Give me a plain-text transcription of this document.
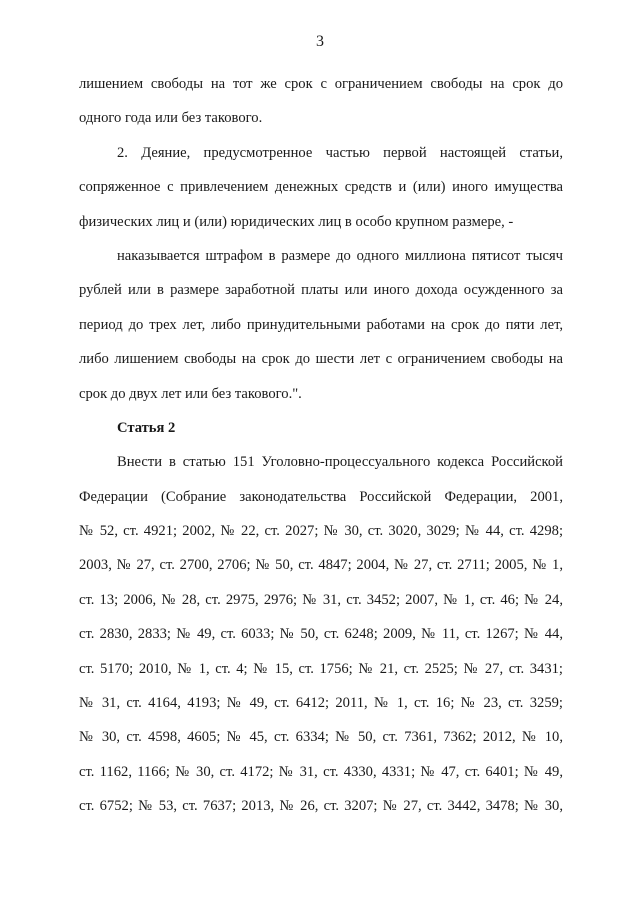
3
лишением свободы на тот же срок с ограничением свободы на срок до
одного года или без такового.
2. Деяние, предусмотренное частью первой настоящей статьи,
сопряженное с привлечением денежных средств и (или) иного имущества
физических лиц и (или) юридических лиц в особо крупном размере, -
наказывается штрафом в размере до одного миллиона пятисот тысяч
рублей или в размере заработной платы или иного дохода осужденного за
период до трех лет, либо принудительными работами на срок до пяти лет,
либо лишением свободы на срок до шести лет с ограничением свободы на
срок до двух лет или без такового.".
Статья 2
Внести в статью 151 Уголовно-процессуального кодекса Российской
Федерации (Собрание законодательства Российской Федерации, 2001,
№ 52, ст. 4921; 2002, № 22, ст. 2027; № 30, ст. 3020, 3029; № 44, ст. 4298;
2003, № 27, ст. 2700, 2706; № 50, ст. 4847; 2004, № 27, ст. 2711; 2005, № 1,
ст. 13; 2006, № 28, ст. 2975, 2976; № 31, ст. 3452; 2007, № 1, ст. 46; № 24,
ст. 2830, 2833; № 49, ст. 6033; № 50, ст. 6248; 2009, № 11, ст. 1267; № 44,
ст. 5170; 2010, № 1, ст. 4; № 15, ст. 1756; № 21, ст. 2525; № 27, ст. 3431;
№ 31, ст. 4164, 4193; № 49, ст. 6412; 2011, № 1, ст. 16; № 23, ст. 3259;
№ 30, ст. 4598, 4605; № 45, ст. 6334; № 50, ст. 7361, 7362; 2012, № 10,
ст. 1162, 1166; № 30, ст. 4172; № 31, ст. 4330, 4331; № 47, ст. 6401; № 49,
ст. 6752; № 53, ст. 7637; 2013, № 26, ст. 3207; № 27, ст. 3442, 3478; № 30,
